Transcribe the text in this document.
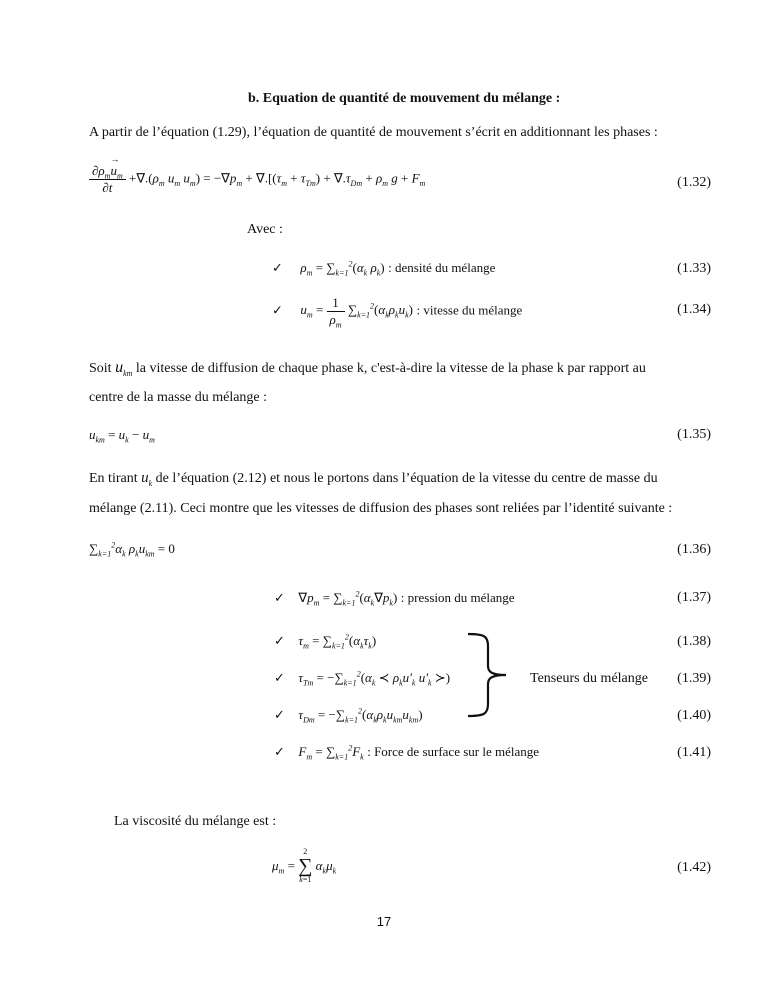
b. Equation de quantité de mouvement du mélange :
A partir de l’équation (1.29), l’équation de quantité de mouvement s’écrit en additionnant les phases :
$\partial\rho_mu$
→
$_m$
$\partial t +\nabla.(\rho_m$ $u_m$ $u_m) = -\nabla p_m + \nabla.[(\tau_m + \tau_{Tm}) + \nabla.\tau_{Dm} + \rho_m$ $g + F_m$	(1.32)
Avec :
✓ $\rho_m = \sum_{k=1}^2(\alpha_k$ $\rho_k$) : densité du mélange	(1.33)
✓ $u_m = \frac{1}{\rho_m} \sum_{k=1}^2(\alpha_k\rho_ku_k)$ : vitesse du mélange	(1.34)
Soit $u_{km}$ la vitesse de diffusion de chaque phase k, c'est-à-dire la vitesse de la phase k par rapport au
centre de la masse du mélange :
$u_{km} = u_k - u_m$	(1.35)
En tirant $u_k$ de l’équation (2.12) et nous le portons dans l’équation de la vitesse du centre de masse du
mélange (2.11). Ceci montre que les vitesses de diffusion des phases sont reliées par l’identité suivante :
$\sum_{k=1}^2\alpha_k$ $\rho_ku_{km} = 0$	(1.36)
✓ $\nabla p_m = \sum_{k=1}^2(\alpha_k\nabla p_k)$ : pression du mélange	(1.37)
✓ $\tau_m = \sum_{k=1}^2(\alpha_k\tau_k)$	(1.38)
✓ $\tau_{Tm} = -\sum_{k=1}^2(\alpha_k$ ≺ $\rho_ku'_k$ $u'_k$ ≻)	Tenseurs du mélange	(1.39)
✓ $\tau_{Dm} = -\sum_{k=1}^2(\alpha_k\rho_ku_{km}u_{km})$	(1.40)
✓ $F_m = \sum_{k=1}^2F_k$ : Force de surface sur le mélange	(1.41)
La viscosité du mélange est :
$\mu_m$ =
2
∑
k=1
$\alpha_k\mu_k$	(1.42)
17
